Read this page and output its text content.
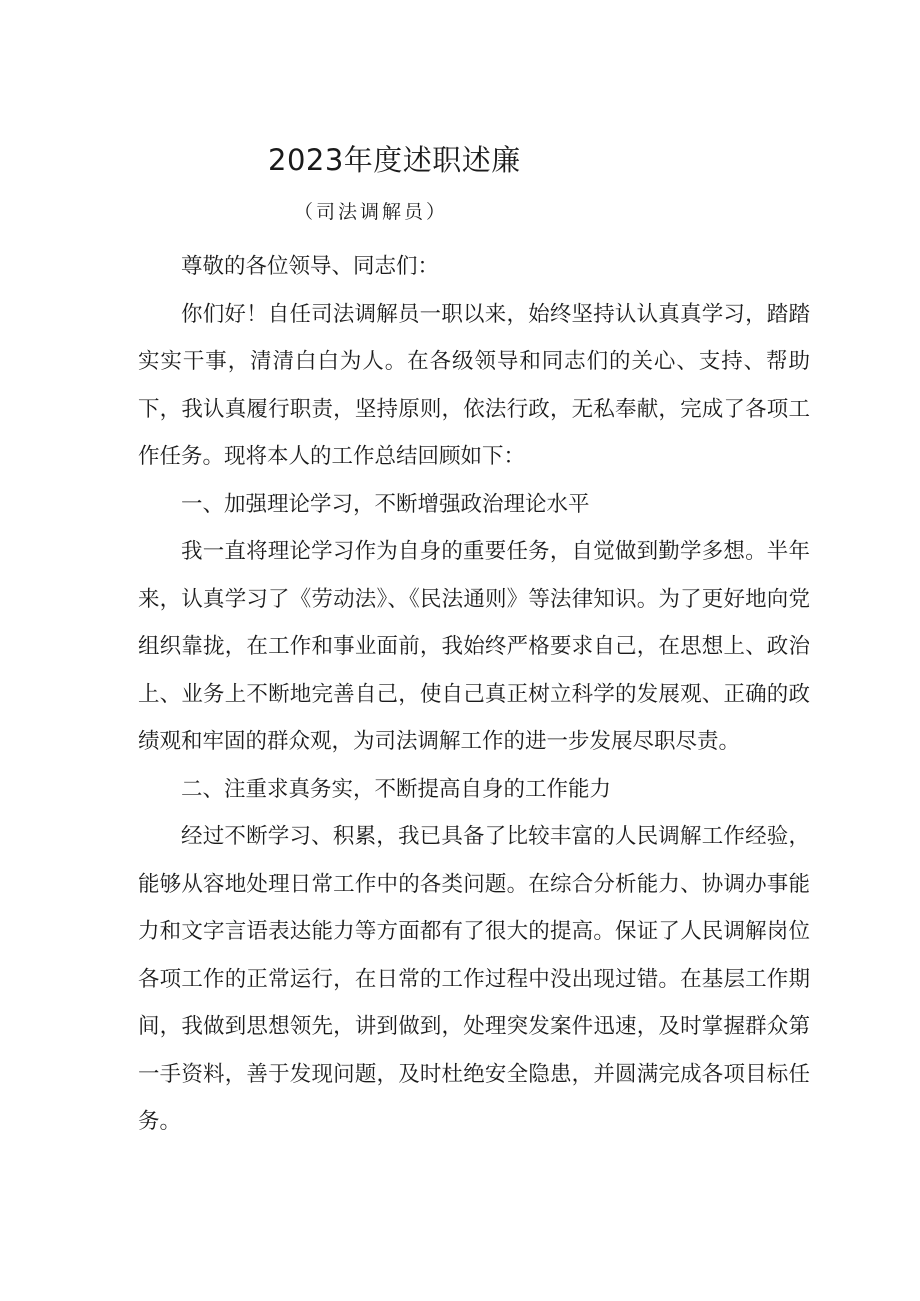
2023年度述职述廉
（司法调解员）

尊敬的各位领导、同志们：

你们好！自任司法调解员一职以来，始终坚持认认真真学习，踏踏实实干事，清清白白为人。在各级领导和同志们的关心、支持、帮助下，我认真履行职责，坚持原则，依法行政，无私奉献，完成了各项工作任务。现将本人的工作总结回顾如下：

一、加强理论学习，不断增强政治理论水平

我一直将理论学习作为自身的重要任务，自觉做到勤学多想。半年来，认真学习了《劳动法》、《民法通则》等法律知识。为了更好地向党组织靠拢，在工作和事业面前，我始终严格要求自己，在思想上、政治上、业务上不断地完善自己，使自己真正树立科学的发展观、正确的政绩观和牢固的群众观，为司法调解工作的进一步发展尽职尽责。

二、注重求真务实，不断提高自身的工作能力

经过不断学习、积累，我已具备了比较丰富的人民调解工作经验，能够从容地处理日常工作中的各类问题。在综合分析能力、协调办事能力和文字言语表达能力等方面都有了很大的提高。保证了人民调解岗位各项工作的正常运行，在日常的工作过程中没出现过错。在基层工作期间，我做到思想领先，讲到做到，处理突发案件迅速，及时掌握群众第一手资料，善于发现问题，及时杜绝安全隐患，并圆满完成各项目标任务。
